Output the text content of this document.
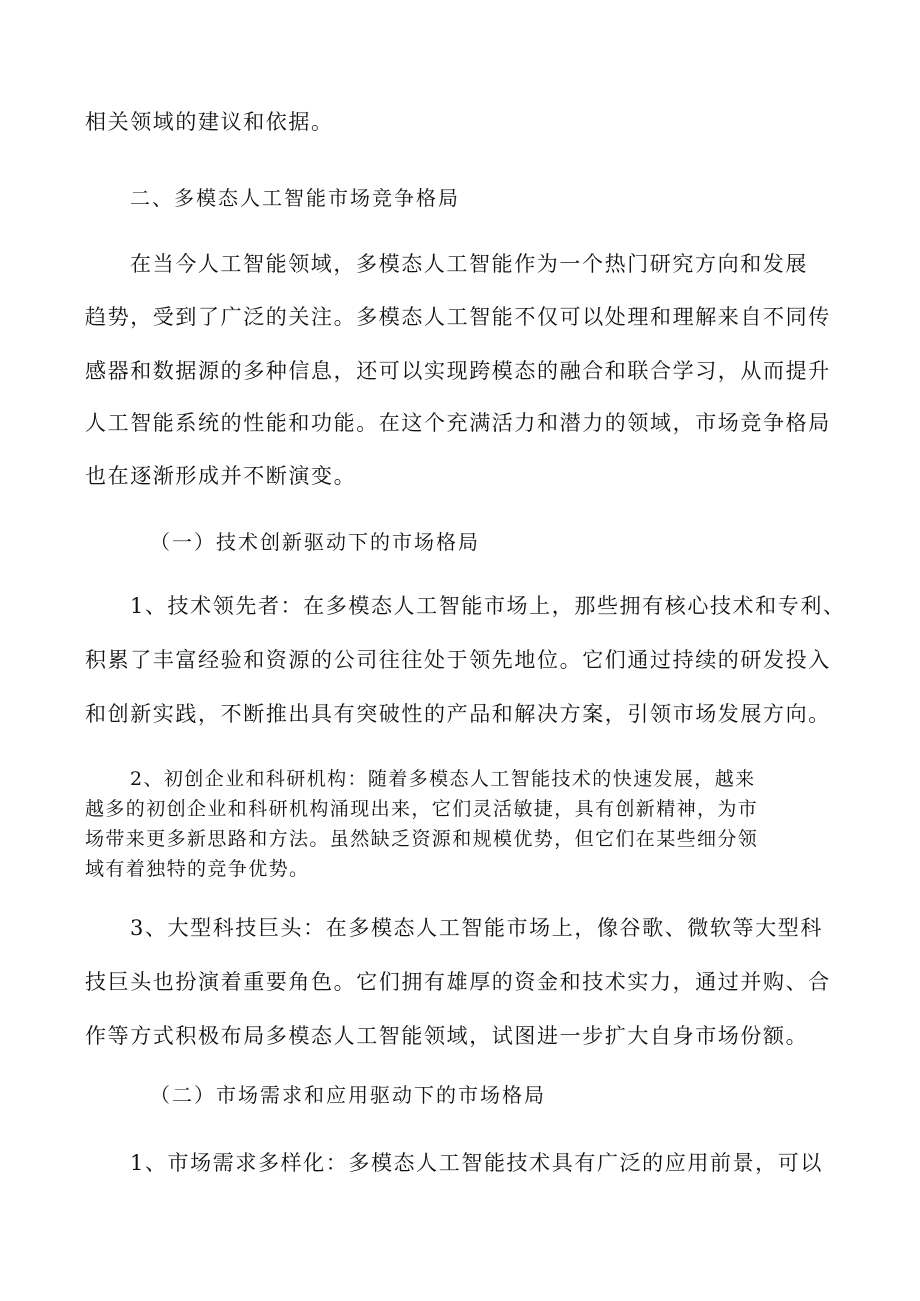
相关领域的建议和依据。
二、多模态人工智能市场竞争格局
在当今人工智能领域，多模态人工智能作为一个热门研究方向和发展
趋势，受到了广泛的关注。多模态人工智能不仅可以处理和理解来自不同传
感器和数据源的多种信息，还可以实现跨模态的融合和联合学习，从而提升
人工智能系统的性能和功能。在这个充满活力和潜力的领域，市场竞争格局
也在逐渐形成并不断演变。
（一）技术创新驱动下的市场格局
1、技术领先者：在多模态人工智能市场上，那些拥有核心技术和专利、
积累了丰富经验和资源的公司往往处于领先地位。它们通过持续的研发投入
和创新实践，不断推出具有突破性的产品和解决方案，引领市场发展方向。
2、初创企业和科研机构：随着多模态人工智能技术的快速发展，越来
越多的初创企业和科研机构涌现出来，它们灵活敏捷，具有创新精神，为市
场带来更多新思路和方法。虽然缺乏资源和规模优势，但它们在某些细分领
域有着独特的竞争优势。
3、大型科技巨头：在多模态人工智能市场上，像谷歌、微软等大型科
技巨头也扮演着重要角色。它们拥有雄厚的资金和技术实力，通过并购、合
作等方式积极布局多模态人工智能领域，试图进一步扩大自身市场份额。
（二）市场需求和应用驱动下的市场格局
1、市场需求多样化：多模态人工智能技术具有广泛的应用前景，可以
